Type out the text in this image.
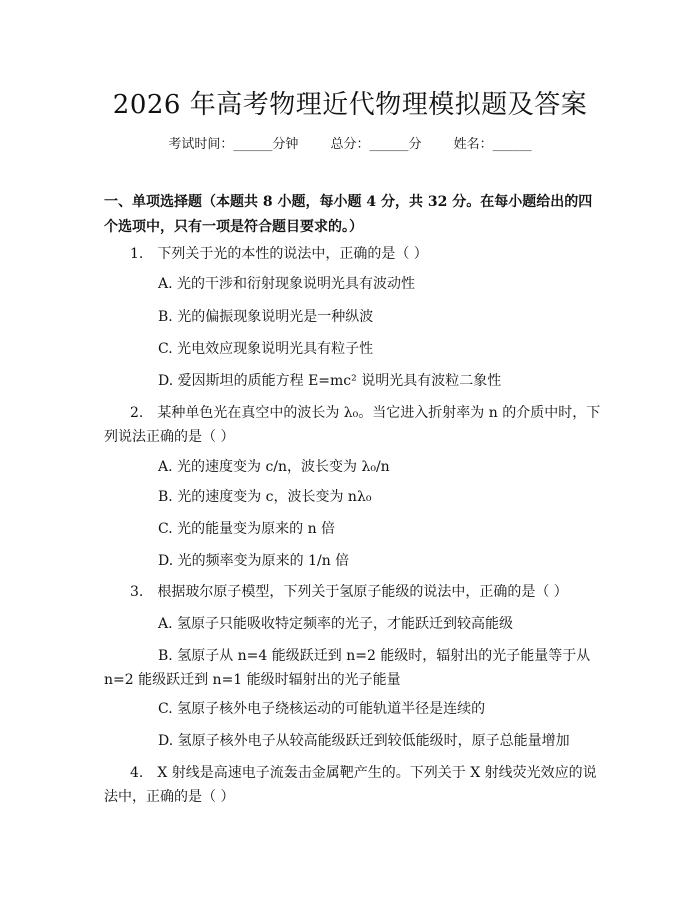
2026 年高考物理近代物理模拟题及答案
考试时间：______分钟 总分：______分 姓名：______
一、单项选择题（本题共 8 小题，每小题 4 分，共 32 分。在每小题给出的四个选项中，只有一项是符合题目要求的。）
1.　下列关于光的本性的说法中，正确的是（ ）
A. 光的干涉和衍射现象说明光具有波动性
B. 光的偏振现象说明光是一种纵波
C. 光电效应现象说明光具有粒子性
D. 爱因斯坦的质能方程 E=mc² 说明光具有波粒二象性
2.　某种单色光在真空中的波长为 λ₀。当它进入折射率为 n 的介质中时，下列说法正确的是（ ）
A. 光的速度变为 c/n，波长变为 λ₀/n
B. 光的速度变为 c，波长变为 nλ₀
C. 光的能量变为原来的 n 倍
D. 光的频率变为原来的 1/n 倍
3.　根据玻尔原子模型，下列关于氢原子能级的说法中，正确的是（ ）
A. 氢原子只能吸收特定频率的光子，才能跃迁到较高能级
B. 氢原子从 n=4 能级跃迁到 n=2 能级时，辐射出的光子能量等于从 n=2 能级跃迁到 n=1 能级时辐射出的光子能量
C. 氢原子核外电子绕核运动的可能轨道半径是连续的
D. 氢原子核外电子从较高能级跃迁到较低能级时，原子总能量增加
4.　X 射线是高速电子流轰击金属靶产生的。下列关于 X 射线荧光效应的说法中，正确的是（ ）
